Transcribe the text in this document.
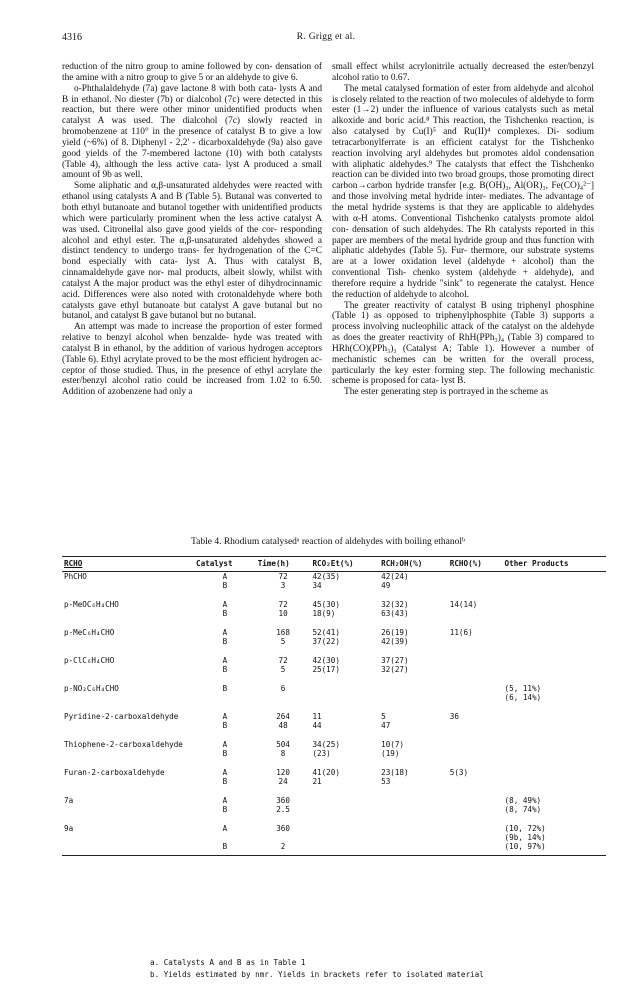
4316	R. Grigg et al.

reduction of the nitro group to amine followed by con- densation of the amine with a nitro group to give 5 or an aldehyde to give 6.

o-Phthalaldehyde (7a) gave lactone 8 with both cata- lysts A and B in ethanol. No diester (7b) or dialcohol (7c) were detected in this reaction, but there were other minor unidentified products when catalyst A was used. The dialcohol (7c) slowly reacted in bromobenzene at 110° in the presence of catalyst B to give a low yield (~6%) of 8. Diphenyl - 2,2' - dicarboxaldehyde (9a) also gave good yields of the 7-membered lactone (10) with both catalysts (Table 4), although the less active cata- lyst A produced a small amount of 9b as well.

Some aliphatic and α,β-unsaturated aldehydes were reacted with ethanol using catalysts A and B (Table 5). Butanal was converted to both ethyl butanoate and butanol together with unidentified products which were particularly prominent when the less active catalyst A was used. Citronellal also gave good yields of the cor- responding alcohol and ethyl ester. The α,β-unsaturated aldehydes showed a distinct tendency to undergo trans- fer hydrogenation of the C=C bond especially with cata- lyst A. Thus with catalyst B, cinnamaldehyde gave nor- mal products, albeit slowly, whilst with catalyst A the major product was the ethyl ester of dihydrocinnamic acid. Differences were also noted with crotonaldehyde where both catalysts gave ethyl butanoate but catalyst A gave butanal but no butanol, and catalyst B gave butanol but no butanal.

An attempt was made to increase the proportion of ester formed relative to benzyl alcohol when benzalde- hyde was treated with catalyst B in ethanol, by the addition of various hydrogen acceptors (Table 6). Ethyl acrylate proved to be the most efficient hydrogen ac- ceptor of those studied. Thus, in the presence of ethyl acrylate the ester/benzyl alcohol ratio could be increased from 1.02 to 6.50. Addition of azobenzene had only a

small effect whilst acrylonitrile actually decreased the ester/benzyl alcohol ratio to 0.67.

The metal catalysed formation of ester from aldehyde and alcohol is closely related to the reaction of two molecules of aldehyde to form ester (1→2) under the influence of various catalysts such as metal alkoxide and boric acid.⁸ This reaction, the Tishchenko reaction, is also catalysed by Cu(I)⁵ and Ru(II)⁴ complexes. Di- sodium tetracarbonylferrate is an efficient catalyst for the Tishchenko reaction involving aryl aldehydes but promotes aldol condensation with aliphatic aldehydes.⁹ The catalysts that effect the Tishchenko reaction can be divided into two broad groups, those promoting direct carbon→carbon hydride transfer [e.g. B(OH)₃, Al(OR)₃, Fe(CO)₄²⁻] and those involving metal hydride inter- mediates. The advantage of the metal hydride systems is that they are applicable to aldehydes with α-H atoms. Conventional Tishchenko catalysts promote aldol con- densation of such aldehydes. The Rh catalysts reported in this paper are members of the metal hydride group and thus function with aliphatic aldehydes (Table 5). Fur- thermore, our substrate systems are at a lower oxidation level (aldehyde + alcohol) than the conventional Tish- chenko system (aldehyde + aldehyde), and therefore require a hydride "sink" to regenerate the catalyst. Hence the reduction of aldehyde to alcohol.

The greater reactivity of catalyst B using triphenyl phosphine (Table 1) as opposed to triphenylphosphite (Table 3) supports a process involving nucleophilic attack of the catalyst on the aldehyde as does the greater reactivity of RhH(PPh₃)₄ (Table 3) compared to HRh(CO)(PPh₃)₃ (Catalyst A; Table 1). However a number of mechanistic schemes can be written for the overall process, particularly the key ester forming step. The following mechanistic scheme is proposed for cata- lyst B.

The ester generating step is portrayed in the scheme as

Table 4. Rhodium catalysedᵃ reaction of aldehydes with boiling ethanolᵇ
RCHO	Catalyst	Time(h)	RCO₂Et(%)	RCH₂OH(%)	RCHO(%)	Other Products
PhCHO	A	72	42(35)	42(24)		
	B	3	34	49		
p-MeOC₆H₄CHO	A	72	45(30)	32(32)	14(14)	
	B	10	18(9)	63(43)		
p-MeC₆H₄CHO	A	168	52(41)	26(19)	11(6)	
	B	5	37(22)	42(39)		
p-ClC₆H₄CHO	A	72	42(30)	37(27)		
	B	5	25(17)	32(27)		
p-NO₂C₆H₄CHO	B	6				(5, 11%)
						(6, 14%)
Pyridine-2-carboxaldehyde	A	264	11	5	36	
	B	48	44	47		
Thiophene-2-carboxaldehyde	A	504	34(25)	10(7)		
	B	8	(23)	(19)		
Furan-2-carboxaldehyde	A	120	41(20)	23(18)	5(3)	
	B	24	21	53		
7a	A	360				(8, 49%)
	B	2.5				(8, 74%)
9a	A	360				(10, 72%)
						(9b, 14%)
	B	2				(10, 97%)
a. Catalysts A and B as in Table 1
b. Yields estimated by nmr. Yields in brackets refer to isolated material
